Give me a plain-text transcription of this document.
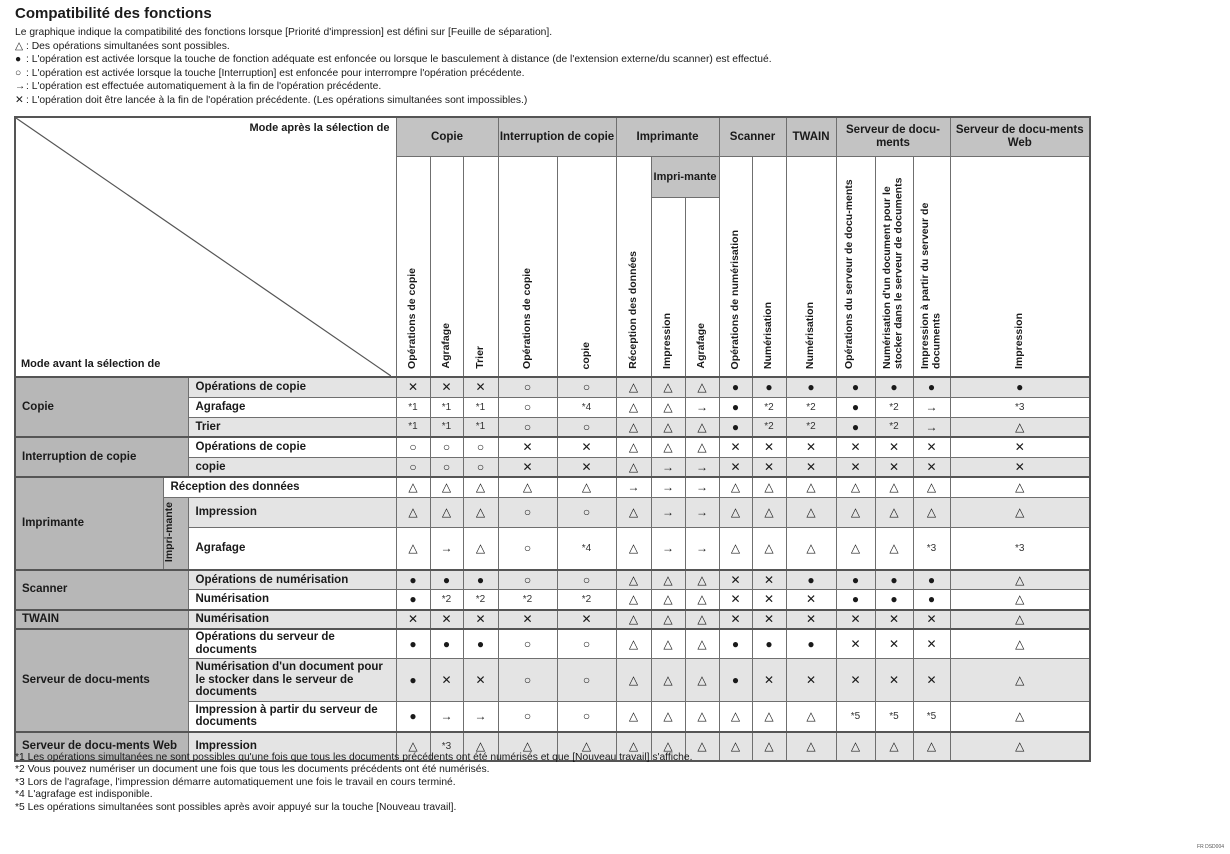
Compatibilité des fonctions
Le graphique indique la compatibilité des fonctions lorsque [Priorité d'impression] est défini sur [Feuille de séparation].
△ : Des opérations simultanées sont possibles.
● : L'opération est activée lorsque la touche de fonction adéquate est enfoncée ou lorsque le basculement à distance (de l'extension externe/du scanner) est effectué.
○ : L'opération est activée lorsque la touche [Interruption] est enfoncée pour interrompre l'opération précédente.
→: L'opération est effectuée automatiquement à la fin de l'opération précédente.
✕ : L'opération doit être lancée à la fin de l'opération précédente. (Les opérations simultanées sont impossibles.)
Mode après la sélection de
Mode avant la sélection de			Copie			Interruption de copie		Imprimante			Scanner		TWAIN	Serveur de docu-ments			Serveur de docu-ments Web
			Opérations de copie	Agrafage	Trier	Opérations de copie	copie	Réception des données	Impri-mante		Opérations de numérisation	Numérisation	Numérisation	Opérations du serveur de docu-ments	Numérisation d'un document pour le stocker dans le serveur de documents	Impression à partir du serveur de documents	Impression
									Impression	Agrafage							
Copie		Opérations de copie	✕	✕	✕	○	○	△	△	△	●	●	●	●	●	●	●
		Agrafage	*1	*1	*1	○	*4	△	△	→	●	*2	*2	●	*2	→	*3
		Trier	*1	*1	*1	○	○	△	△	△	●	*2	*2	●	*2	→	△
Interruption de copie		Opérations de copie	○	○	○	✕	✕	△	△	△	✕	✕	✕	✕	✕	✕	✕
		copie	○	○	○	✕	✕	△	→	→	✕	✕	✕	✕	✕	✕	✕
Imprimante	Réception des données		△	△	△	△	△	→	→	→	△	△	△	△	△	△	△
	Impri-mante	Impression	△	△	△	○	○	△	→	→	△	△	△	△	△	△	△
		Agrafage	△	→	△	○	*4	△	→	→	△	△	△	△	△	*3	*3
Scanner		Opérations de numérisation	●	●	●	○	○	△	△	△	✕	✕	●	●	●	●	△
		Numérisation	●	*2	*2	*2	*2	△	△	△	✕	✕	✕	●	●	●	△
TWAIN		Numérisation	✕	✕	✕	✕	✕	△	△	△	✕	✕	✕	✕	✕	✕	△
Serveur de docu-ments		Opérations du serveur de documents	●	●	●	○	○	△	△	△	●	●	●	✕	✕	✕	△
		Numérisation d'un document pour le stocker dans le serveur de documents	●	✕	✕	○	○	△	△	△	●	✕	✕	✕	✕	✕	△
		Impression à partir du serveur de documents	●	→	→	○	○	△	△	△	△	△	△	*5	*5	*5	△
Serveur de docu-ments Web		Impression	△	*3	△	△	△	△	△	△	△	△	△	△	△	△	△
*1 Les opérations simultanées ne sont possibles qu'une fois que tous les documents précédents ont été numérisés et que [Nouveau travail] s'affiche.
*2 Vous pouvez numériser un document une fois que tous les documents précédents ont été numérisés.
*3 Lors de l'agrafage, l'impression démarre automatiquement une fois le travail en cours terminé.
*4 L'agrafage est indisponible.
*5 Les opérations simultanées sont possibles après avoir appuyé sur la touche [Nouveau travail].
FR DSD004
